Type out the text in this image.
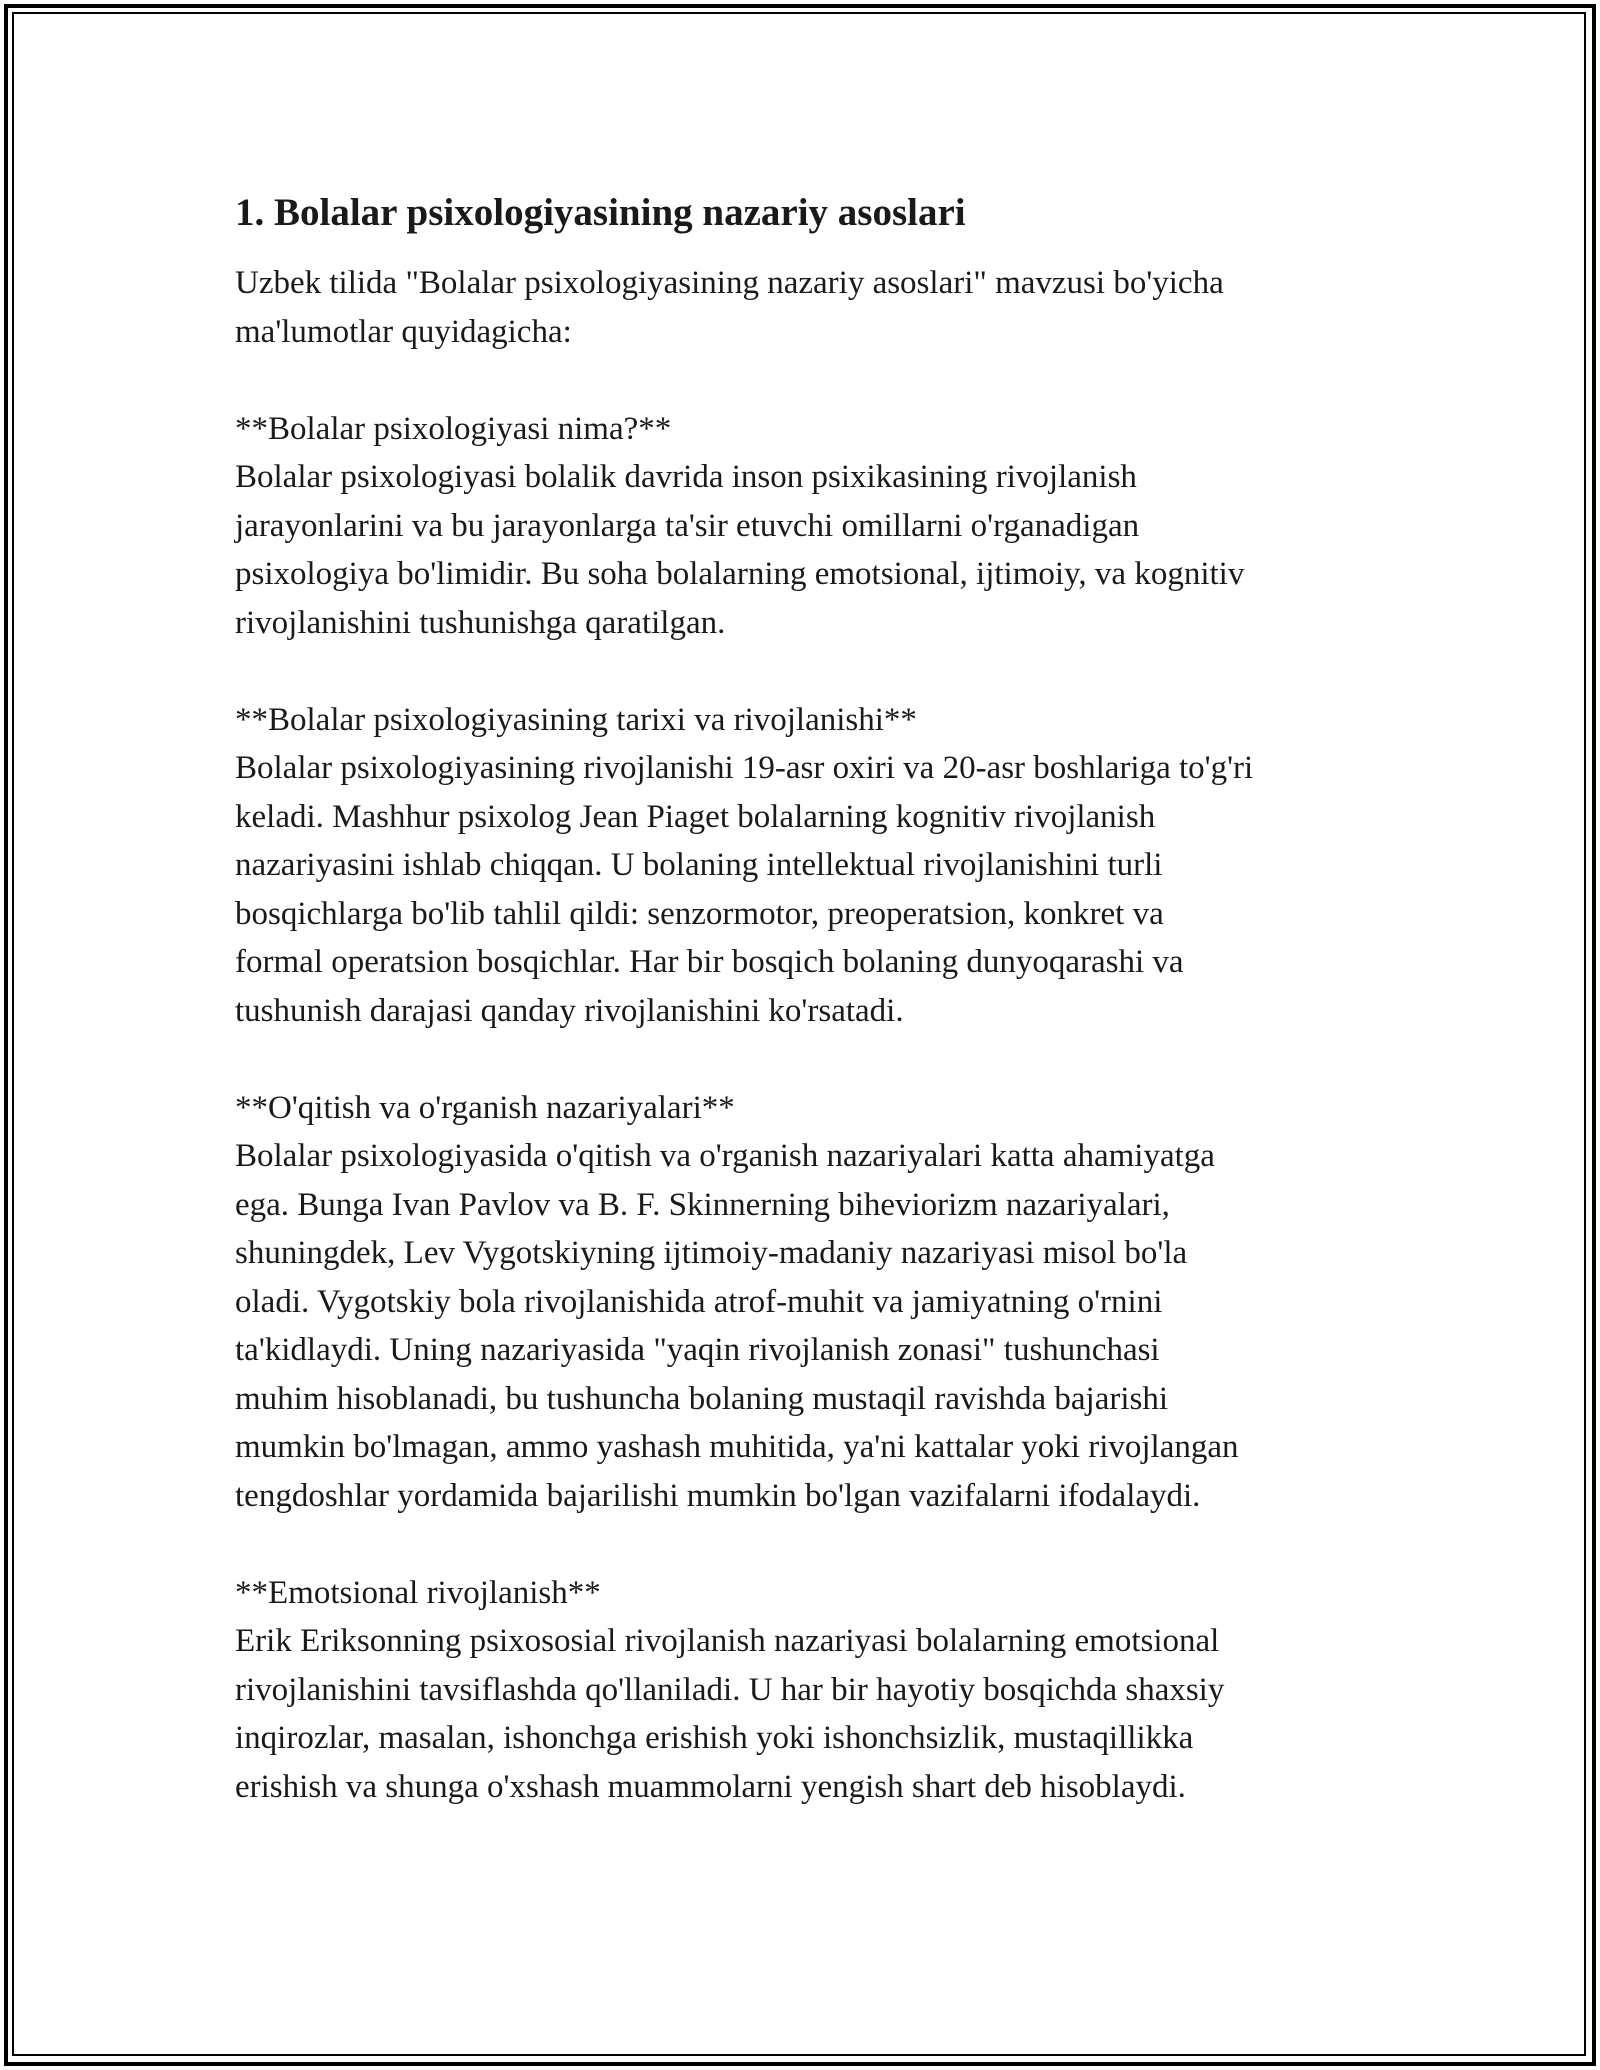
1. Bolalar psixologiyasining nazariy asoslari

Uzbek tilida "Bolalar psixologiyasining nazariy asoslari" mavzusi bo'yicha
ma'lumotlar quyidagicha:

**Bolalar psixologiyasi nima?**

Bolalar psixologiyasi bolalik davrida inson psixikasining rivojlanish
jarayonlarini va bu jarayonlarga ta'sir etuvchi omillarni o'rganadigan
psixologiya bo'limidir. Bu soha bolalarning emotsional, ijtimoiy, va kognitiv
rivojlanishini tushunishga qaratilgan.

**Bolalar psixologiyasining tarixi va rivojlanishi**

Bolalar psixologiyasining rivojlanishi 19-asr oxiri va 20-asr boshlariga to'g'ri
keladi. Mashhur psixolog Jean Piaget bolalarning kognitiv rivojlanish
nazariyasini ishlab chiqqan. U bolaning intellektual rivojlanishini turli
bosqichlarga bo'lib tahlil qildi: senzormotor, preoperatsion, konkret va
formal operatsion bosqichlar. Har bir bosqich bolaning dunyoqarashi va
tushunish darajasi qanday rivojlanishini ko'rsatadi.

**O'qitish va o'rganish nazariyalari**

Bolalar psixologiyasida o'qitish va o'rganish nazariyalari katta ahamiyatga
ega. Bunga Ivan Pavlov va B. F. Skinnerning biheviorizm nazariyalari,
shuningdek, Lev Vygotskiyning ijtimoiy-madaniy nazariyasi misol bo'la
oladi. Vygotskiy bola rivojlanishida atrof-muhit va jamiyatning o'rnini
ta'kidlaydi. Uning nazariyasida "yaqin rivojlanish zonasi" tushunchasi
muhim hisoblanadi, bu tushuncha bolaning mustaqil ravishda bajarishi
mumkin bo'lmagan, ammo yashash muhitida, ya'ni kattalar yoki rivojlangan
tengdoshlar yordamida bajarilishi mumkin bo'lgan vazifalarni ifodalaydi.

**Emotsional rivojlanish**

Erik Eriksonning psixososial rivojlanish nazariyasi bolalarning emotsional
rivojlanishini tavsiflashda qo'llaniladi. U har bir hayotiy bosqichda shaxsiy
inqirozlar, masalan, ishonchga erishish yoki ishonchsizlik, mustaqillikka
erishish va shunga o'xshash muammolarni yengish shart deb hisoblaydi.
